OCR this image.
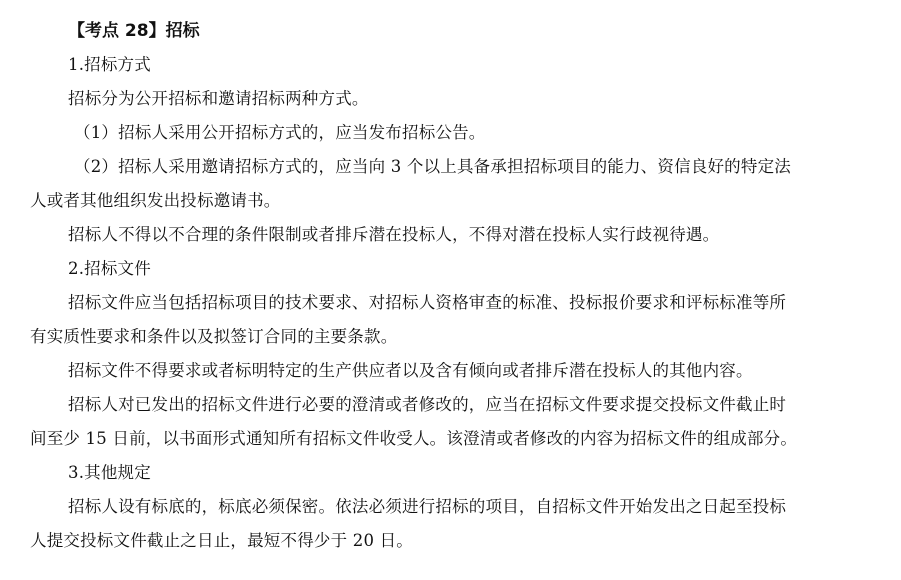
【考点 28】招标
1.招标方式
招标分为公开招标和邀请招标两种方式。
（1）招标人采用公开招标方式的，应当发布招标公告。
（2）招标人采用邀请招标方式的，应当向 3 个以上具备承担招标项目的能力、资信良好的特定法
人或者其他组织发出投标邀请书。
招标人不得以不合理的条件限制或者排斥潜在投标人，不得对潜在投标人实行歧视待遇。
2.招标文件
招标文件应当包括招标项目的技术要求、对招标人资格审查的标准、投标报价要求和评标标准等所
有实质性要求和条件以及拟签订合同的主要条款。
招标文件不得要求或者标明特定的生产供应者以及含有倾向或者排斥潜在投标人的其他内容。
招标人对已发出的招标文件进行必要的澄清或者修改的，应当在招标文件要求提交投标文件截止时
间至少 15 日前，以书面形式通知所有招标文件收受人。该澄清或者修改的内容为招标文件的组成部分。
3.其他规定
招标人设有标底的，标底必须保密。依法必须进行招标的项目，自招标文件开始发出之日起至投标
人提交投标文件截止之日止，最短不得少于 20 日。
